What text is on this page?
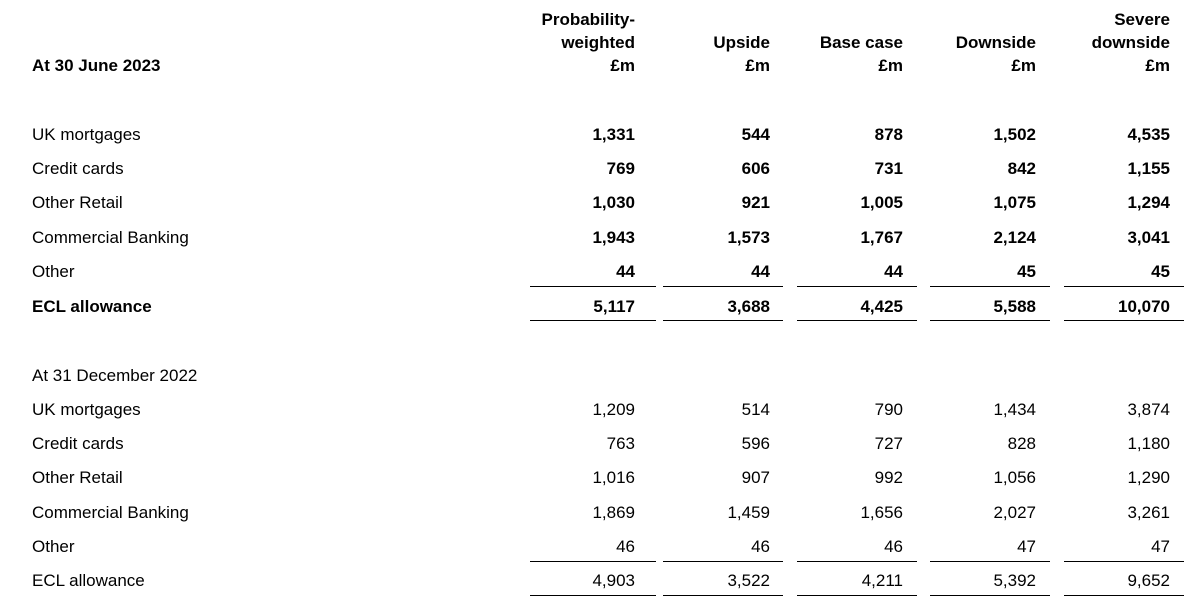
Probability-
weighted
£m
Upside
£m
Base case
£m
Downside
£m
Severe
downside
£m
At 30 June 2023
UK mortgages	1,331	544	878	1,502	4,535
Credit cards	769	606	731	842	1,155
Other Retail	1,030	921	1,005	1,075	1,294
Commercial Banking	1,943	1,573	1,767	2,124	3,041
Other	44	44	44	45	45
ECL allowance	5,117	3,688	4,425	5,588	10,070
At 31 December 2022
UK mortgages	1,209	514	790	1,434	3,874
Credit cards	763	596	727	828	1,180
Other Retail	1,016	907	992	1,056	1,290
Commercial Banking	1,869	1,459	1,656	2,027	3,261
Other	46	46	46	47	47
ECL allowance	4,903	3,522	4,211	5,392	9,652
